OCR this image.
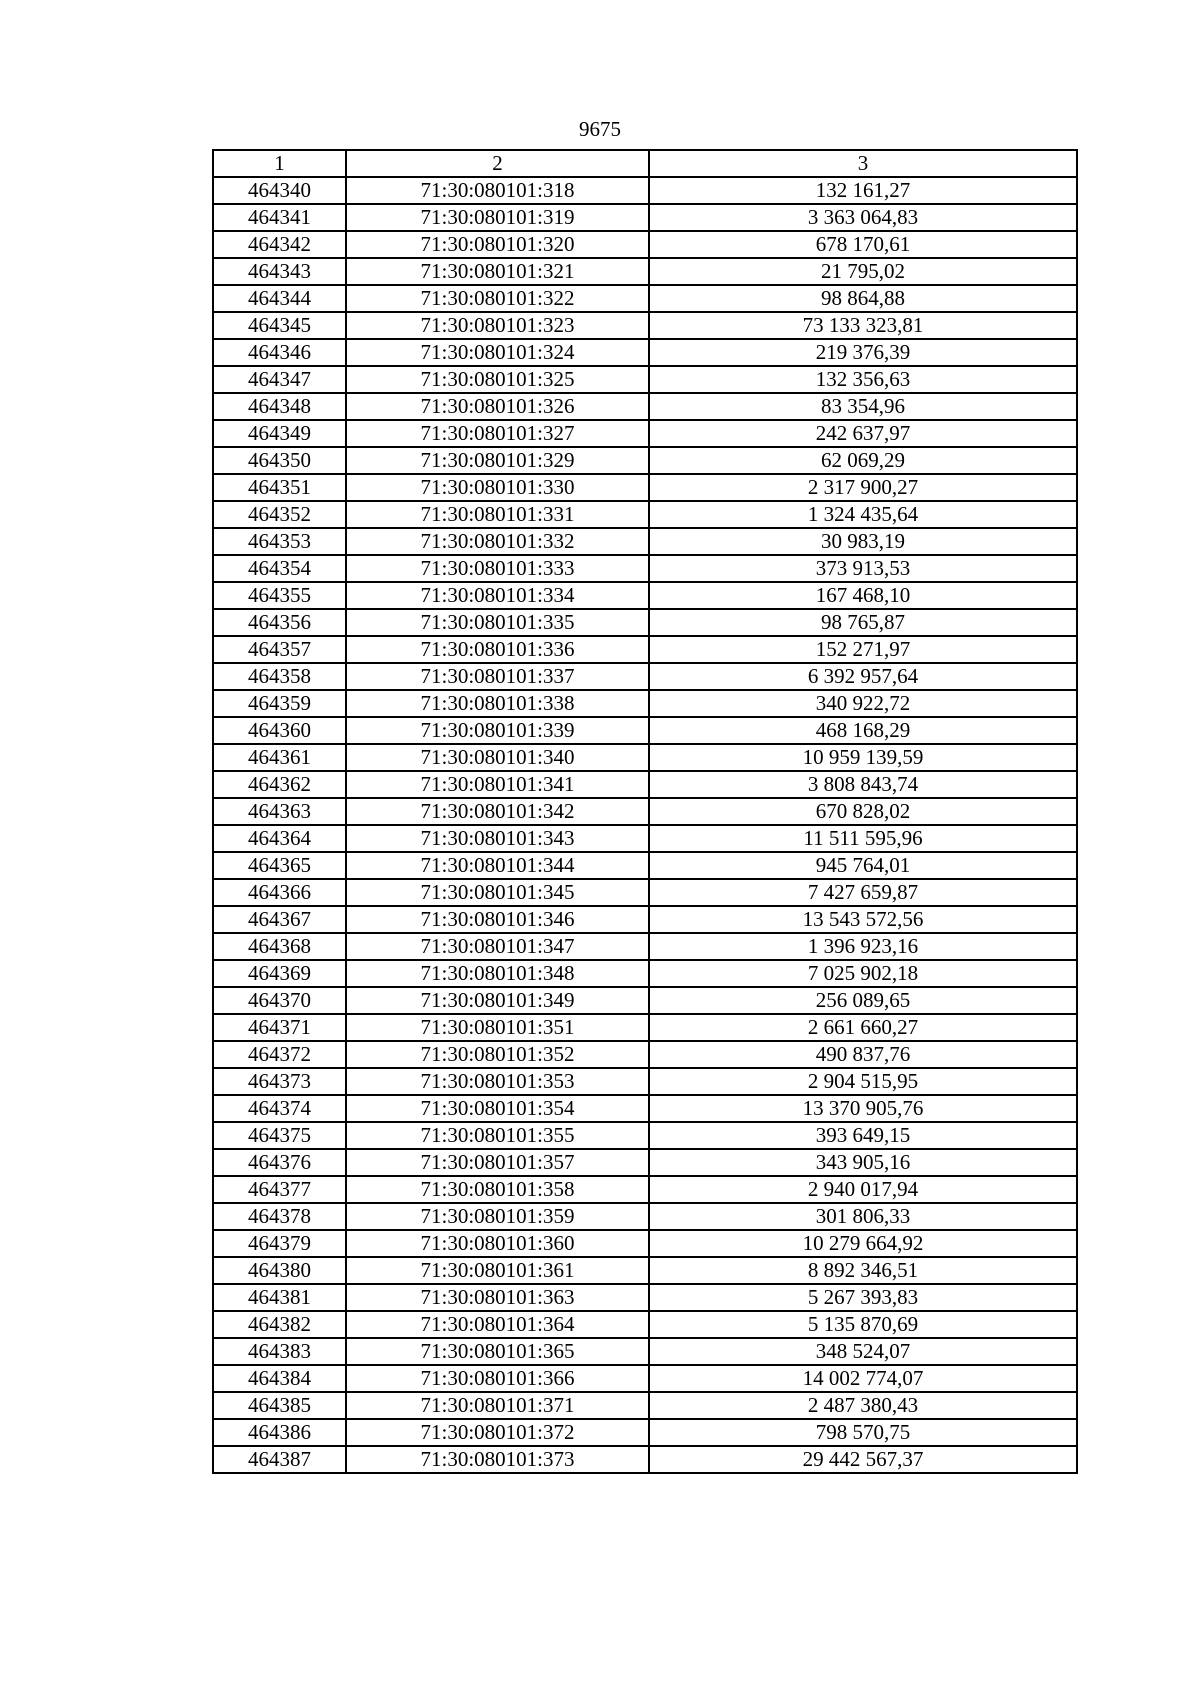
9675
1	2	3
464340	71:30:080101:318	132 161,27
464341	71:30:080101:319	3 363 064,83
464342	71:30:080101:320	678 170,61
464343	71:30:080101:321	21 795,02
464344	71:30:080101:322	98 864,88
464345	71:30:080101:323	73 133 323,81
464346	71:30:080101:324	219 376,39
464347	71:30:080101:325	132 356,63
464348	71:30:080101:326	83 354,96
464349	71:30:080101:327	242 637,97
464350	71:30:080101:329	62 069,29
464351	71:30:080101:330	2 317 900,27
464352	71:30:080101:331	1 324 435,64
464353	71:30:080101:332	30 983,19
464354	71:30:080101:333	373 913,53
464355	71:30:080101:334	167 468,10
464356	71:30:080101:335	98 765,87
464357	71:30:080101:336	152 271,97
464358	71:30:080101:337	6 392 957,64
464359	71:30:080101:338	340 922,72
464360	71:30:080101:339	468 168,29
464361	71:30:080101:340	10 959 139,59
464362	71:30:080101:341	3 808 843,74
464363	71:30:080101:342	670 828,02
464364	71:30:080101:343	11 511 595,96
464365	71:30:080101:344	945 764,01
464366	71:30:080101:345	7 427 659,87
464367	71:30:080101:346	13 543 572,56
464368	71:30:080101:347	1 396 923,16
464369	71:30:080101:348	7 025 902,18
464370	71:30:080101:349	256 089,65
464371	71:30:080101:351	2 661 660,27
464372	71:30:080101:352	490 837,76
464373	71:30:080101:353	2 904 515,95
464374	71:30:080101:354	13 370 905,76
464375	71:30:080101:355	393 649,15
464376	71:30:080101:357	343 905,16
464377	71:30:080101:358	2 940 017,94
464378	71:30:080101:359	301 806,33
464379	71:30:080101:360	10 279 664,92
464380	71:30:080101:361	8 892 346,51
464381	71:30:080101:363	5 267 393,83
464382	71:30:080101:364	5 135 870,69
464383	71:30:080101:365	348 524,07
464384	71:30:080101:366	14 002 774,07
464385	71:30:080101:371	2 487 380,43
464386	71:30:080101:372	798 570,75
464387	71:30:080101:373	29 442 567,37
